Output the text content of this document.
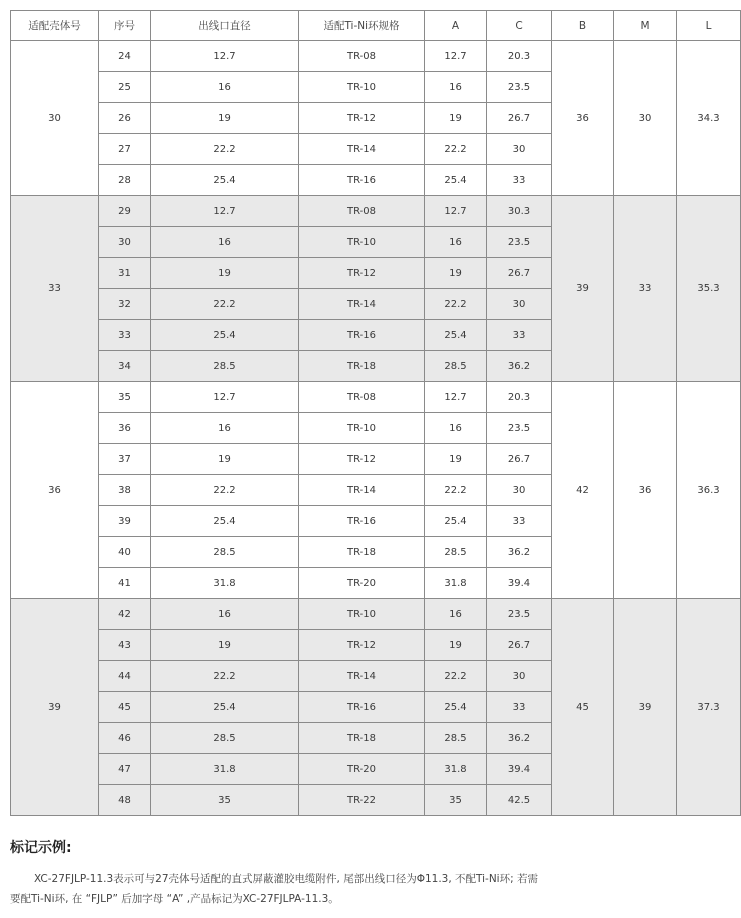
适配壳体号	序号	出线口直径	适配Ti-Ni环规格	A	C	B	M	L
30	24	12.7	TR-08	12.7	20.3	36	30	34.3
	25	16	TR-10	16	23.5			
	26	19	TR-12	19	26.7			
	27	22.2	TR-14	22.2	30			
	28	25.4	TR-16	25.4	33			
33	29	12.7	TR-08	12.7	30.3	39	33	35.3
	30	16	TR-10	16	23.5			
	31	19	TR-12	19	26.7			
	32	22.2	TR-14	22.2	30			
	33	25.4	TR-16	25.4	33			
	34	28.5	TR-18	28.5	36.2			
36	35	12.7	TR-08	12.7	20.3	42	36	36.3
	36	16	TR-10	16	23.5			
	37	19	TR-12	19	26.7			
	38	22.2	TR-14	22.2	30			
	39	25.4	TR-16	25.4	33			
	40	28.5	TR-18	28.5	36.2			
	41	31.8	TR-20	31.8	39.4			
39	42	16	TR-10	16	23.5	45	39	37.3
	43	19	TR-12	19	26.7			
	44	22.2	TR-14	22.2	30			
	45	25.4	TR-16	25.4	33			
	46	28.5	TR-18	28.5	36.2			
	47	31.8	TR-20	31.8	39.4			
	48	35	TR-22	35	42.5			

标记示例:

XC-27FJLP-11.3表示可与27壳体号适配的直式屏蔽灌胶电缆附件, 尾部出线口径为Φ11.3, 不配Ti-Ni环; 若需

要配Ti-Ni环, 在 “FJLP” 后加字母 “A” ,产品标记为XC-27FJLPA-11.3。
